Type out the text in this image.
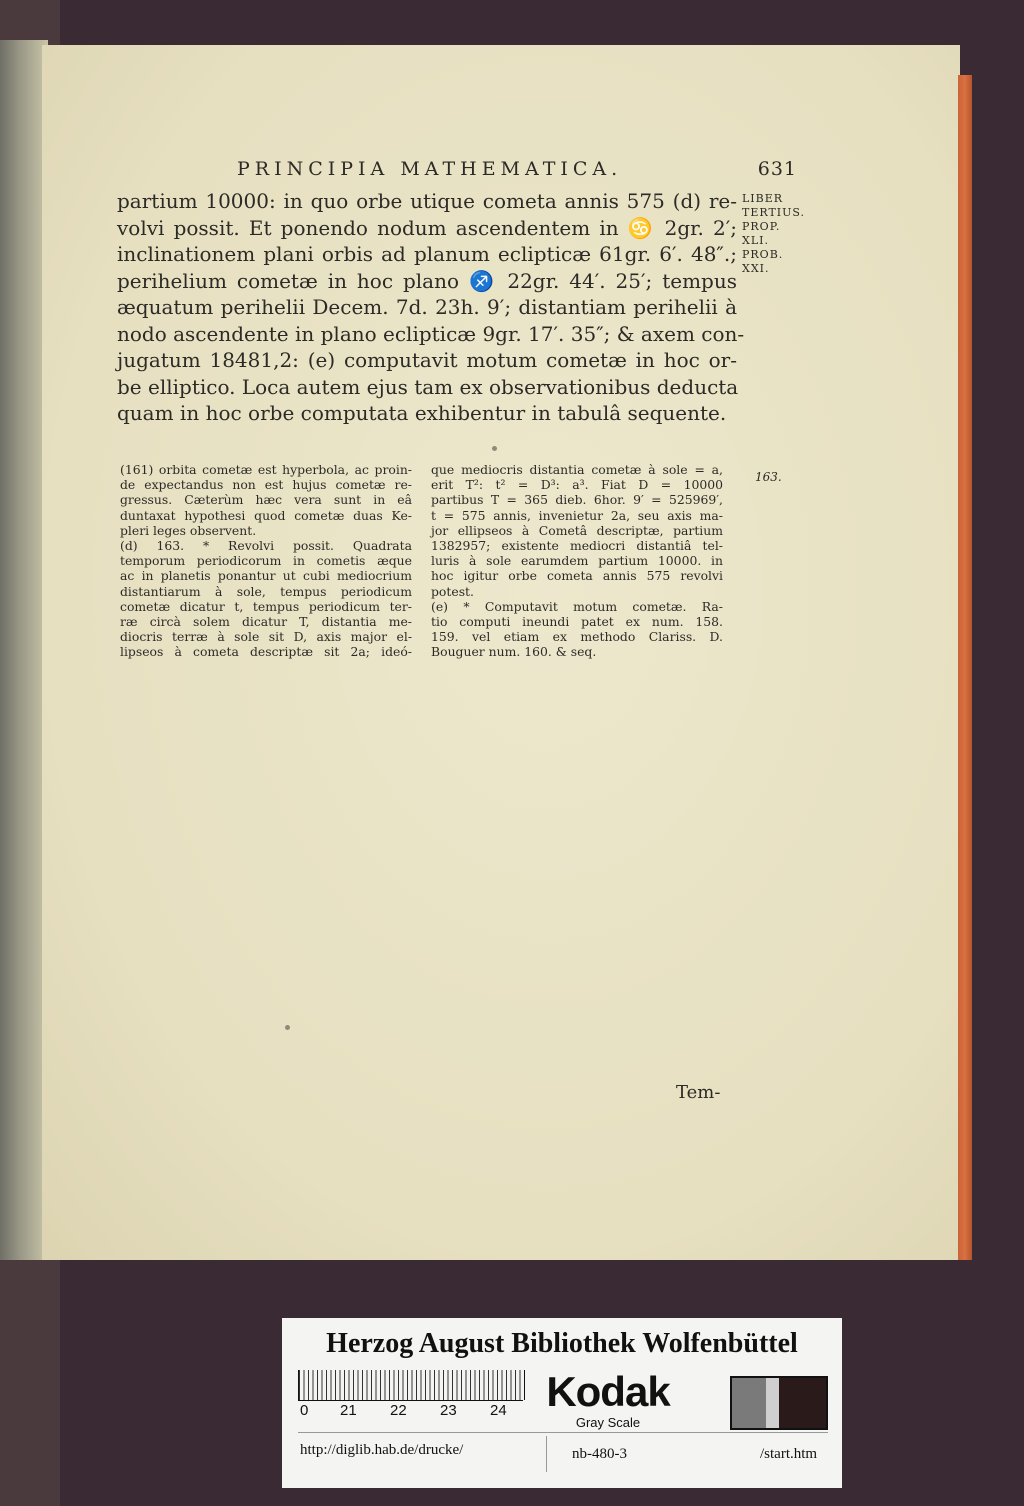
PRINCIPIA MATHEMATICA.	631
partium 10000: in quo orbe utique cometa annis 575 (d) re-
volvi possit. Et ponendo nodum ascendentem in ♋ 2gr. 2′;
inclinationem plani orbis ad planum eclipticæ 61gr. 6′. 48″.;
perihelium cometæ in hoc plano ♐ 22gr. 44′. 25′; tempus
æquatum perihelii Decem. 7d. 23h. 9′; distantiam perihelii à
nodo ascendente in plano eclipticæ 9gr. 17′. 35″; & axem con-
jugatum 18481,2: (e) computavit motum cometæ in hoc or-
be elliptico. Loca autem ejus tam ex observationibus deducta
quam in hoc orbe computata exhibentur in tabulâ sequente.
LIBER
TERTIUS.
PROP.
XLI.
PROB.
XXI.
(161) orbita cometæ est hyperbola, ac proin-
de expectandus non est hujus cometæ re-
gressus. Cæterùm hæc vera sunt in eâ
duntaxat hypothesi quod cometæ duas Ke-
pleri leges observent.
(d) 163. * Revolvi possit. Quadrata
temporum periodicorum in cometis æque
ac in planetis ponantur ut cubi mediocrium
distantiarum à sole, tempus periodicum
cometæ dicatur t, tempus periodicum ter-
ræ circà solem dicatur T, distantia me-
diocris terræ à sole sit D, axis major el-
lipseos à cometa descriptæ sit 2a; ideó-
que mediocris distantia cometæ à sole = a,
erit T²: t² = D³: a³. Fiat D = 10000
partibus T = 365 dieb. 6hor. 9′ = 525969′,
t = 575 annis, invenietur 2a, seu axis ma-
jor ellipseos à Cometâ descriptæ, partium
1382957; existente mediocri distantiâ tel-
luris à sole earumdem partium 10000. in
hoc igitur orbe cometa annis 575 revolvi
potest.
(e) * Computavit motum cometæ. Ra-
tio computi ineundi patet ex num. 158.
159. vel etiam ex methodo Clariss. D.
Bouguer num. 160. & seq.
163.
Tem-
Herzog August Bibliothek Wolfenbüttel
0 21 22 23 24 Kodak
Gray Scale
http://diglib.hab.de/drucke/	nb-480-3	/start.htm
